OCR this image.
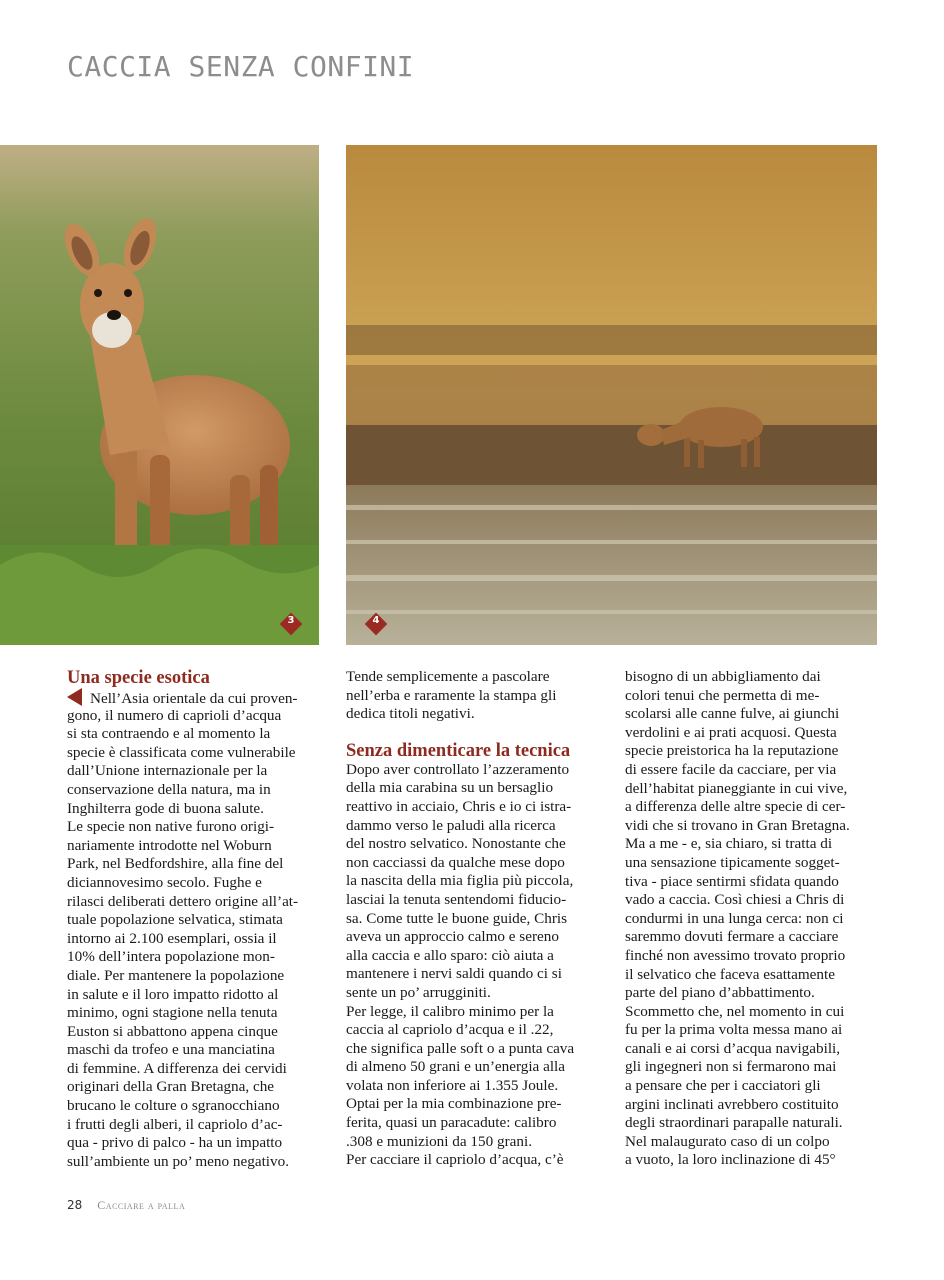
CACCIA SENZA CONFINI
3	4
Una specie esotica
Nell’Asia orientale da cui proven-
gono, il numero di caprioli d’acqua
si sta contraendo e al momento la
specie è classificata come vulnerabile
dall’Unione internazionale per la
conservazione della natura, ma in
Inghilterra gode di buona salute.
Le specie non native furono origi-
nariamente introdotte nel Woburn
Park, nel Bedfordshire, alla fine del
diciannovesimo secolo. Fughe e
rilasci deliberati dettero origine all’at-
tuale popolazione selvatica, stimata
intorno ai 2.100 esemplari, ossia il
10% dell’intera popolazione mon-
diale. Per mantenere la popolazione
in salute e il loro impatto ridotto al
minimo, ogni stagione nella tenuta
Euston si abbattono appena cinque
maschi da trofeo e una manciatina
di femmine. A differenza dei cervidi
originari della Gran Bretagna, che
brucano le colture o sgranocchiano
i frutti degli alberi, il capriolo d’ac-
qua - privo di palco - ha un impatto
sull’ambiente un po’ meno negativo.
Tende semplicemente a pascolare
nell’erba e raramente la stampa gli
dedica titoli negativi.
Senza dimenticare la tecnica
Dopo aver controllato l’azzeramento
della mia carabina su un bersaglio
reattivo in acciaio, Chris e io ci istra-
dammo verso le paludi alla ricerca
del nostro selvatico. Nonostante che
non cacciassi da qualche mese dopo
la nascita della mia figlia più piccola,
lasciai la tenuta sentendomi fiducio-
sa. Come tutte le buone guide, Chris
aveva un approccio calmo e sereno
alla caccia e allo sparo: ciò aiuta a
mantenere i nervi saldi quando ci si
sente un po’ arrugginiti.
Per legge, il calibro minimo per la
caccia al capriolo d’acqua e il .22,
che significa palle soft o a punta cava
di almeno 50 grani e un’energia alla
volata non inferiore ai 1.355 Joule.
Optai per la mia combinazione pre-
ferita, quasi un paracadute: calibro
.308 e munizioni da 150 grani.
Per cacciare il capriolo d’acqua, c’è
bisogno di un abbigliamento dai
colori tenui che permetta di me-
scolarsi alle canne fulve, ai giunchi
verdolini e ai prati acquosi. Questa
specie preistorica ha la reputazione
di essere facile da cacciare, per via
dell’habitat pianeggiante in cui vive,
a differenza delle altre specie di cer-
vidi che si trovano in Gran Bretagna.
Ma a me - e, sia chiaro, si tratta di
una sensazione tipicamente sogget-
tiva - piace sentirmi sfidata quando
vado a caccia. Così chiesi a Chris di
condurmi in una lunga cerca: non ci
saremmo dovuti fermare a cacciare
finché non avessimo trovato proprio
il selvatico che faceva esattamente
parte del piano d’abbattimento.
Scommetto che, nel momento in cui
fu per la prima volta messa mano ai
canali e ai corsi d’acqua navigabili,
gli ingegneri non si fermarono mai
a pensare che per i cacciatori gli
argini inclinati avrebbero costituito
degli straordinari parapalle naturali.
Nel malaugurato caso di un colpo
a vuoto, la loro inclinazione di 45°
28 Cacciare a palla
